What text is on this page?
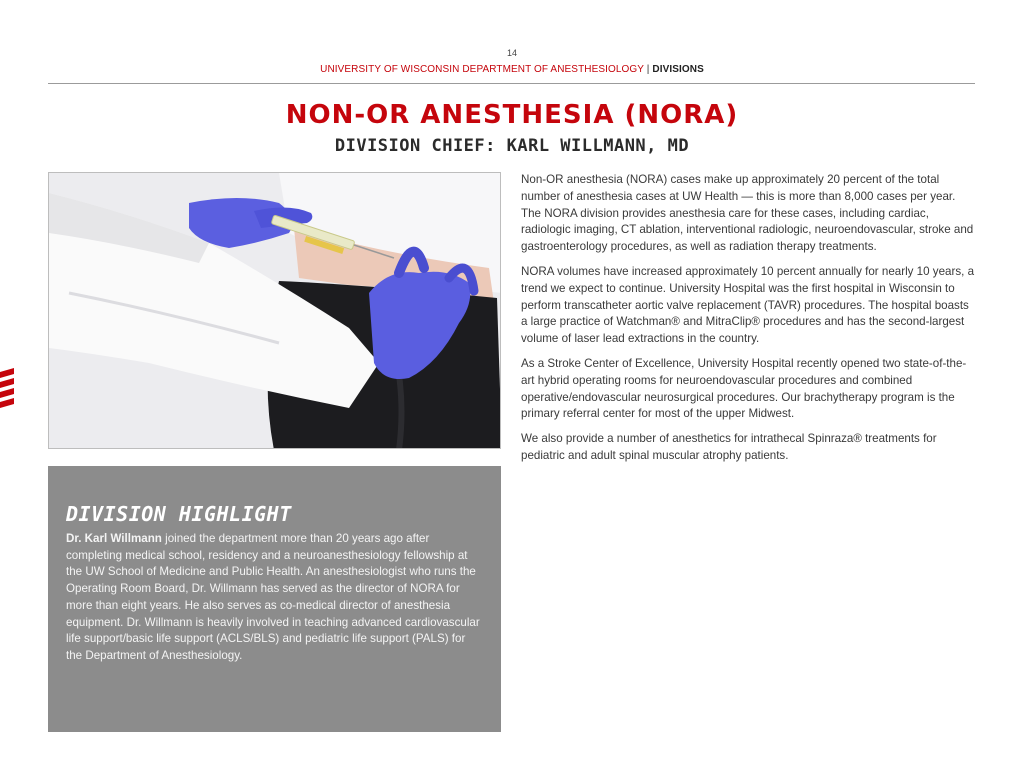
14
UNIVERSITY OF WISCONSIN DEPARTMENT OF ANESTHESIOLOGY | DIVISIONS
NON-OR ANESTHESIA (NORA)
DIVISION CHIEF: KARL WILLMANN, MD
DIVISION HIGHLIGHT

Dr. Karl Willmann joined the department more than 20 years ago after completing medical school, residency and a neuroanesthesiology fellowship at the UW School of Medicine and Public Health. An anesthesiologist who runs the Operating Room Board, Dr. Willmann has served as the director of NORA for more than eight years. He also serves as co-medical director of anesthesia equipment. Dr. Willmann is heavily involved in teaching advanced cardiovascular life support/basic life support (ACLS/BLS) and pediatric life support (PALS) for the Department of Anesthesiology.

Non-OR anesthesia (NORA) cases make up approximately 20 percent of the total number of anesthesia cases at UW Health — this is more than 8,000 cases per year. The NORA division provides anesthesia care for these cases, including cardiac, radiologic imaging, CT ablation, interventional radiologic, neuroendovascular, stroke and gastroenterology procedures, as well as radiation therapy treatments.

NORA volumes have increased approximately 10 percent annually for nearly 10 years, a trend we expect to continue. University Hospital was the first hospital in Wisconsin to perform transcatheter aortic valve replacement (TAVR) procedures. The hospital boasts a large practice of Watchman® and MitraClip® procedures and has the second-largest volume of laser lead extractions in the country.

As a Stroke Center of Excellence, University Hospital recently opened two state-of-the-art hybrid operating rooms for neuroendovascular procedures and combined operative/endovascular neurosurgical procedures. Our brachytherapy program is the primary referral center for most of the upper Midwest.

We also provide a number of anesthetics for intrathecal Spinraza® treatments for pediatric and adult spinal muscular atrophy patients.
